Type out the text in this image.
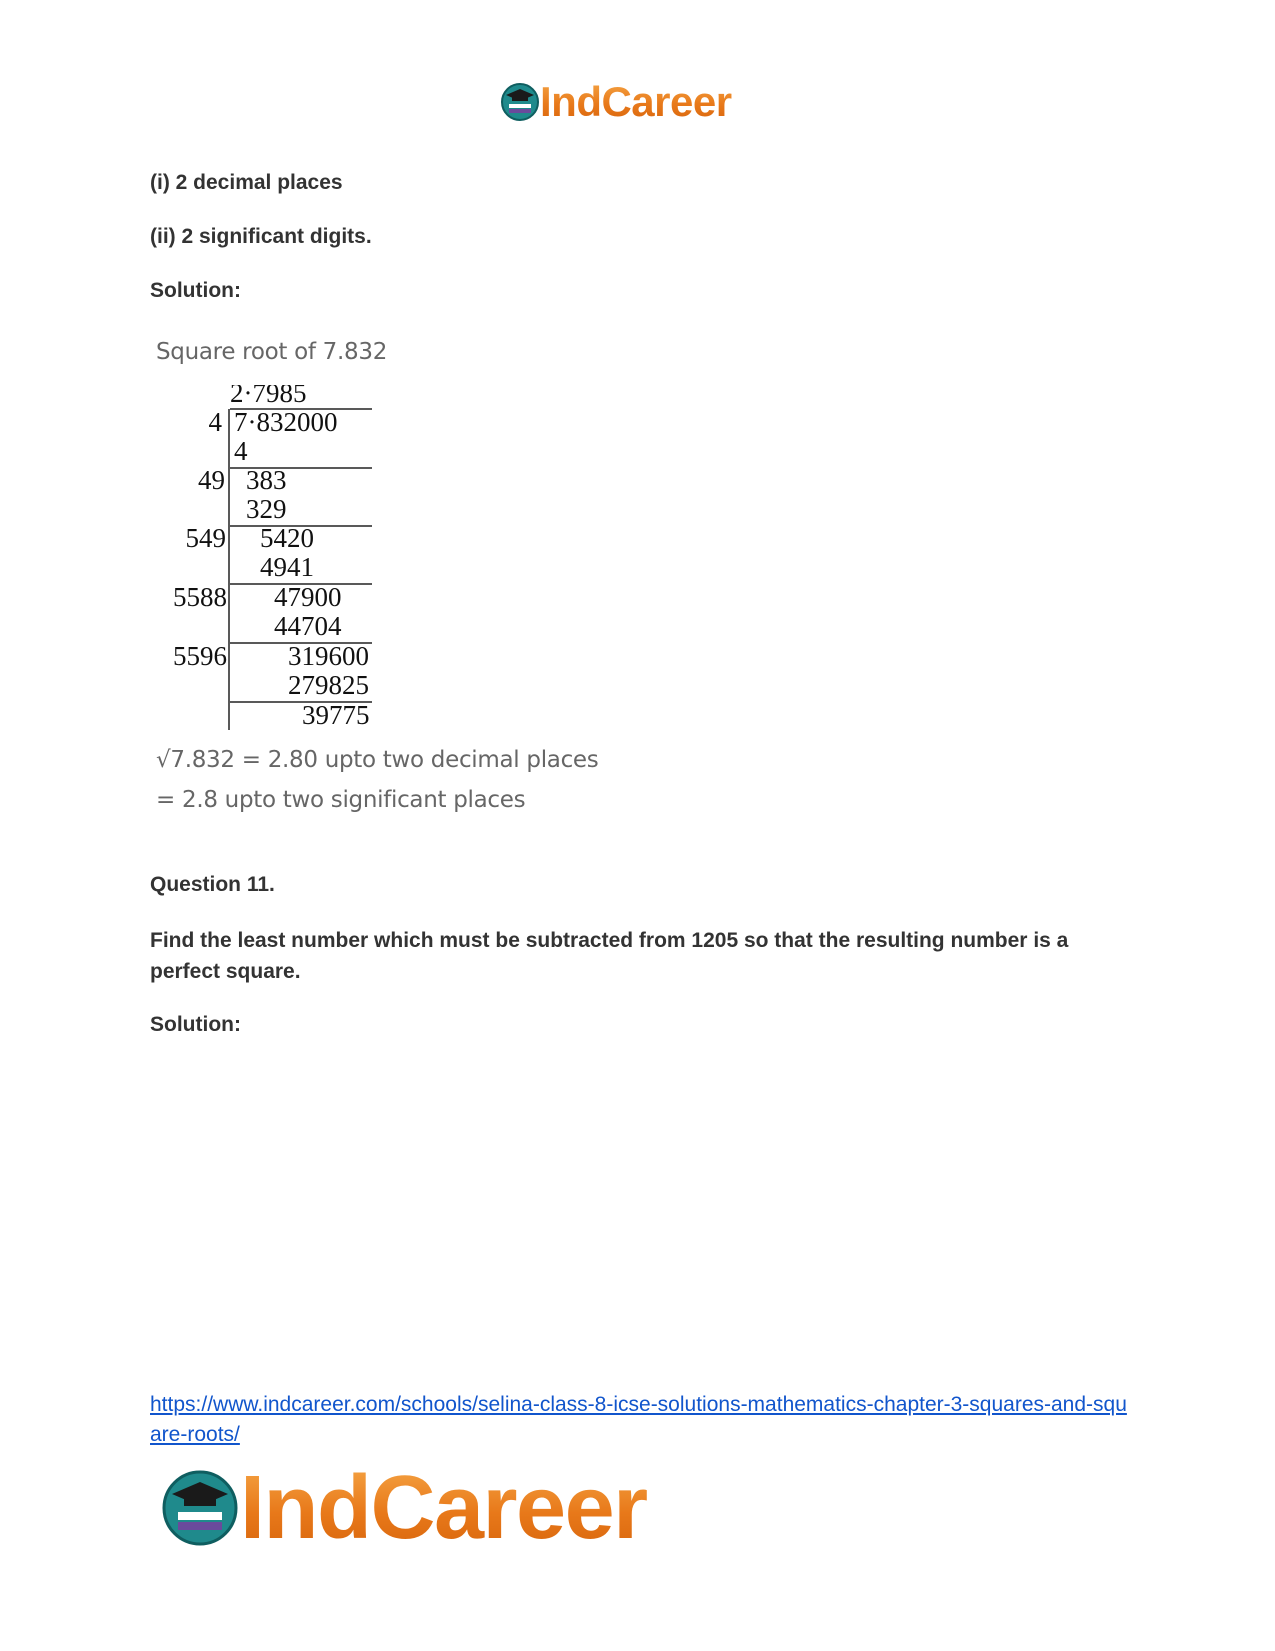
IndCareer

(i) 2 decimal places

(ii) 2 significant digits.

Solution:

Square root of 7.832
2·7985
4 7·832000
4
49 383
329
549 5420
4941
5588 47900
44704
5596 319600
279825
39775
√7.832 = 2.80 upto two decimal places
= 2.8 upto two significant places

Question 11.

Find the least number which must be subtracted from 1205 so that the resulting number is a perfect square.

Solution:

https://www.indcareer.com/schools/selina-class-8-icse-solutions-mathematics-chapter-3-squares-and-square-roots/
IndCareer
